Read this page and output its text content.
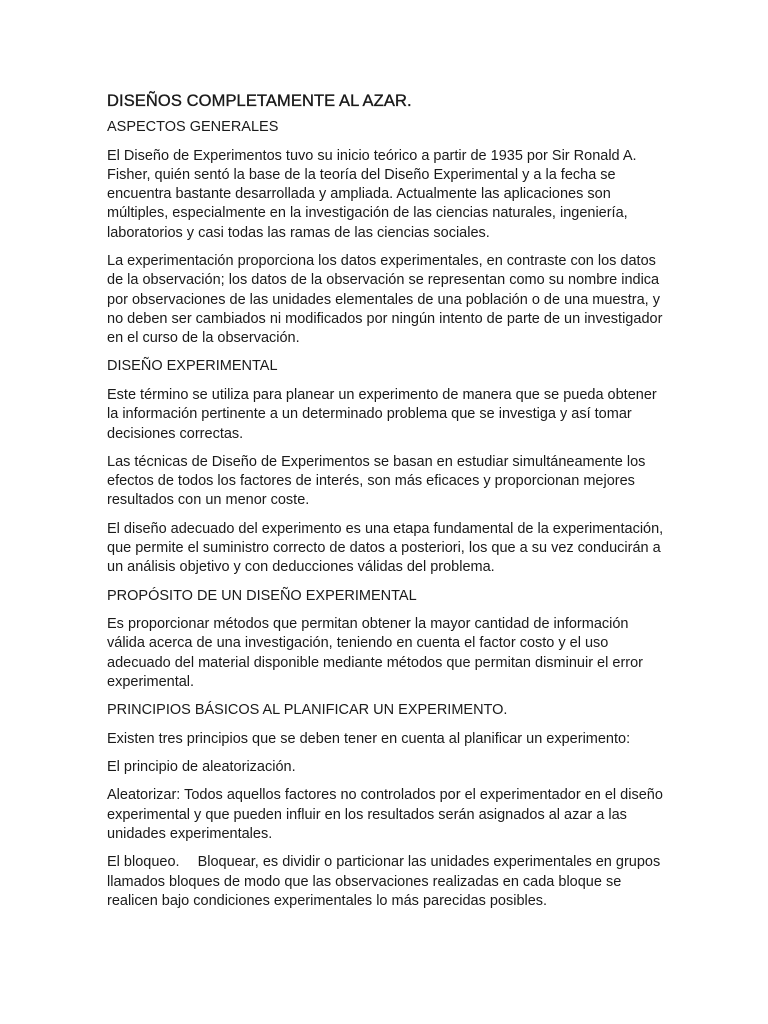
DISEÑOS COMPLETAMENTE AL AZAR.
ASPECTOS GENERALES

El Diseño de Experimentos tuvo su inicio teórico a partir de 1935 por Sir Ronald A. Fisher, quién sentó la base de la teoría del Diseño Experimental y a la fecha se encuentra bastante desarrollada y ampliada. Actualmente las aplicaciones son múltiples, especialmente en la investigación de las ciencias naturales, ingeniería, laboratorios y casi todas las ramas de las ciencias sociales.

La experimentación proporciona los datos experimentales, en contraste con los datos de la observación; los datos de la observación se representan como su nombre indica por observaciones de las unidades elementales de una población o de una muestra, y no deben ser cambiados ni modificados por ningún intento de parte de un investigador en el curso de la observación.

DISEÑO EXPERIMENTAL

Este término se utiliza para planear un experimento de manera que se pueda obtener la información pertinente a un determinado problema que se investiga y así tomar decisiones correctas.

Las técnicas de Diseño de Experimentos se basan en estudiar simultáneamente los efectos de todos los factores de interés, son más eficaces y proporcionan mejores resultados con un menor coste.

El diseño adecuado del experimento es una etapa fundamental de la experimentación, que permite el suministro correcto de datos a posteriori, los que a su vez conducirán a un análisis objetivo y con deducciones válidas del problema.

PROPÓSITO DE UN DISEÑO EXPERIMENTAL

Es proporcionar métodos que permitan obtener la mayor cantidad de información válida acerca de una investigación, teniendo en cuenta el factor costo y el uso adecuado del material disponible mediante métodos que permitan disminuir el error experimental.

PRINCIPIOS BÁSICOS AL PLANIFICAR UN EXPERIMENTO.

Existen tres principios que se deben tener en cuenta al planificar un experimento:

El principio de aleatorización.

Aleatorizar: Todos aquellos factores no controlados por el experimentador en el diseño experimental y que pueden influir en los resultados serán asignados al azar a las unidades experimentales.

El bloqueo. Bloquear, es dividir o particionar las unidades experimentales en grupos llamados bloques de modo que las observaciones realizadas en cada bloque se realicen bajo condiciones experimentales lo más parecidas posibles.
